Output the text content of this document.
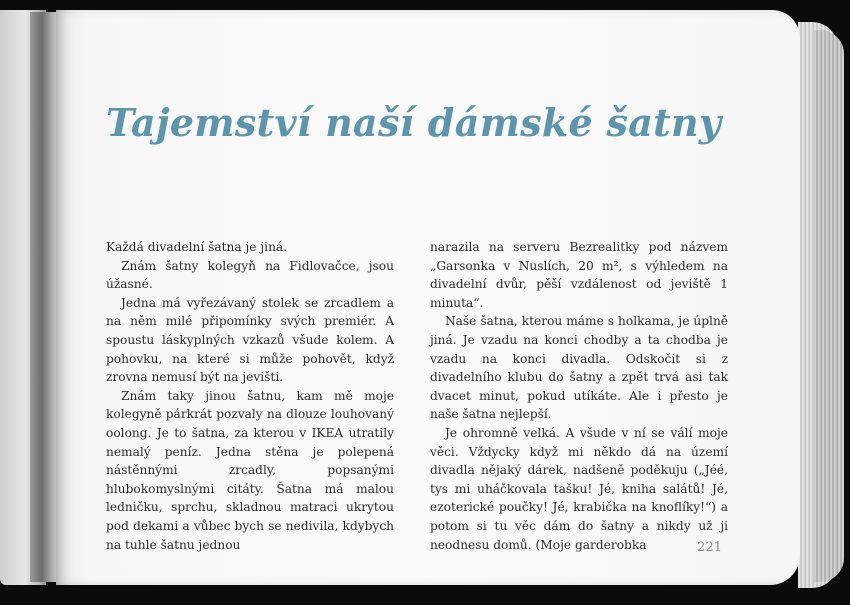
Tajemství naší dámské šatny

Každá divadelní šatna je jiná.

Znám šatny kolegyň na Fidlovačce, jsou úžasné.

Jedna má vyřezávaný stolek se zrcadlem a na něm milé připomínky svých premiér. A spoustu láskyplných vzkazů všude kolem. A pohovku, na které si může pohovět, když zrovna nemusí být na jevišti.

Znám taky jinou šatnu, kam mě moje kolegyně párkrát pozvaly na dlouze louhovaný oolong. Je to šatna, za kterou v IKEA utratily nemalý peníz. Jedna stěna je polepená nástěnnými zrcadly, popsanými hlubokomyslnými citáty. Šatna má malou ledničku, sprchu, skladnou matraci ukrytou pod dekami a vůbec bych se nedivila, kdybych na tuhle šatnu jednou

narazila na serveru Bezrealitky pod názvem „Garsonka v Nuslích, 20 m², s výhledem na divadelní dvůr, pěší vzdálenost od jeviště 1 minuta“.

Naše šatna, kterou máme s holkama, je úplně jiná. Je vzadu na konci chodby a ta chodba je vzadu na konci divadla. Odskočit si z divadelního klubu do šatny a zpět trvá asi tak dvacet minut, pokud utíkáte. Ale i přesto je naše šatna nejlepší.

Je ohromně velká. A všude v ní se válí moje věci. Vždycky když mi někdo dá na území divadla nějaký dárek, nadšeně poděkuju („Jéé, tys mi uháčkovala tašku! Jé, kniha salátů! Jé, ezoterické poučky! Jé, krabička na knoflíky!“) a potom si tu věc dám do šatny a nikdy už ji neodnesu domů. (Moje garderobka	221
